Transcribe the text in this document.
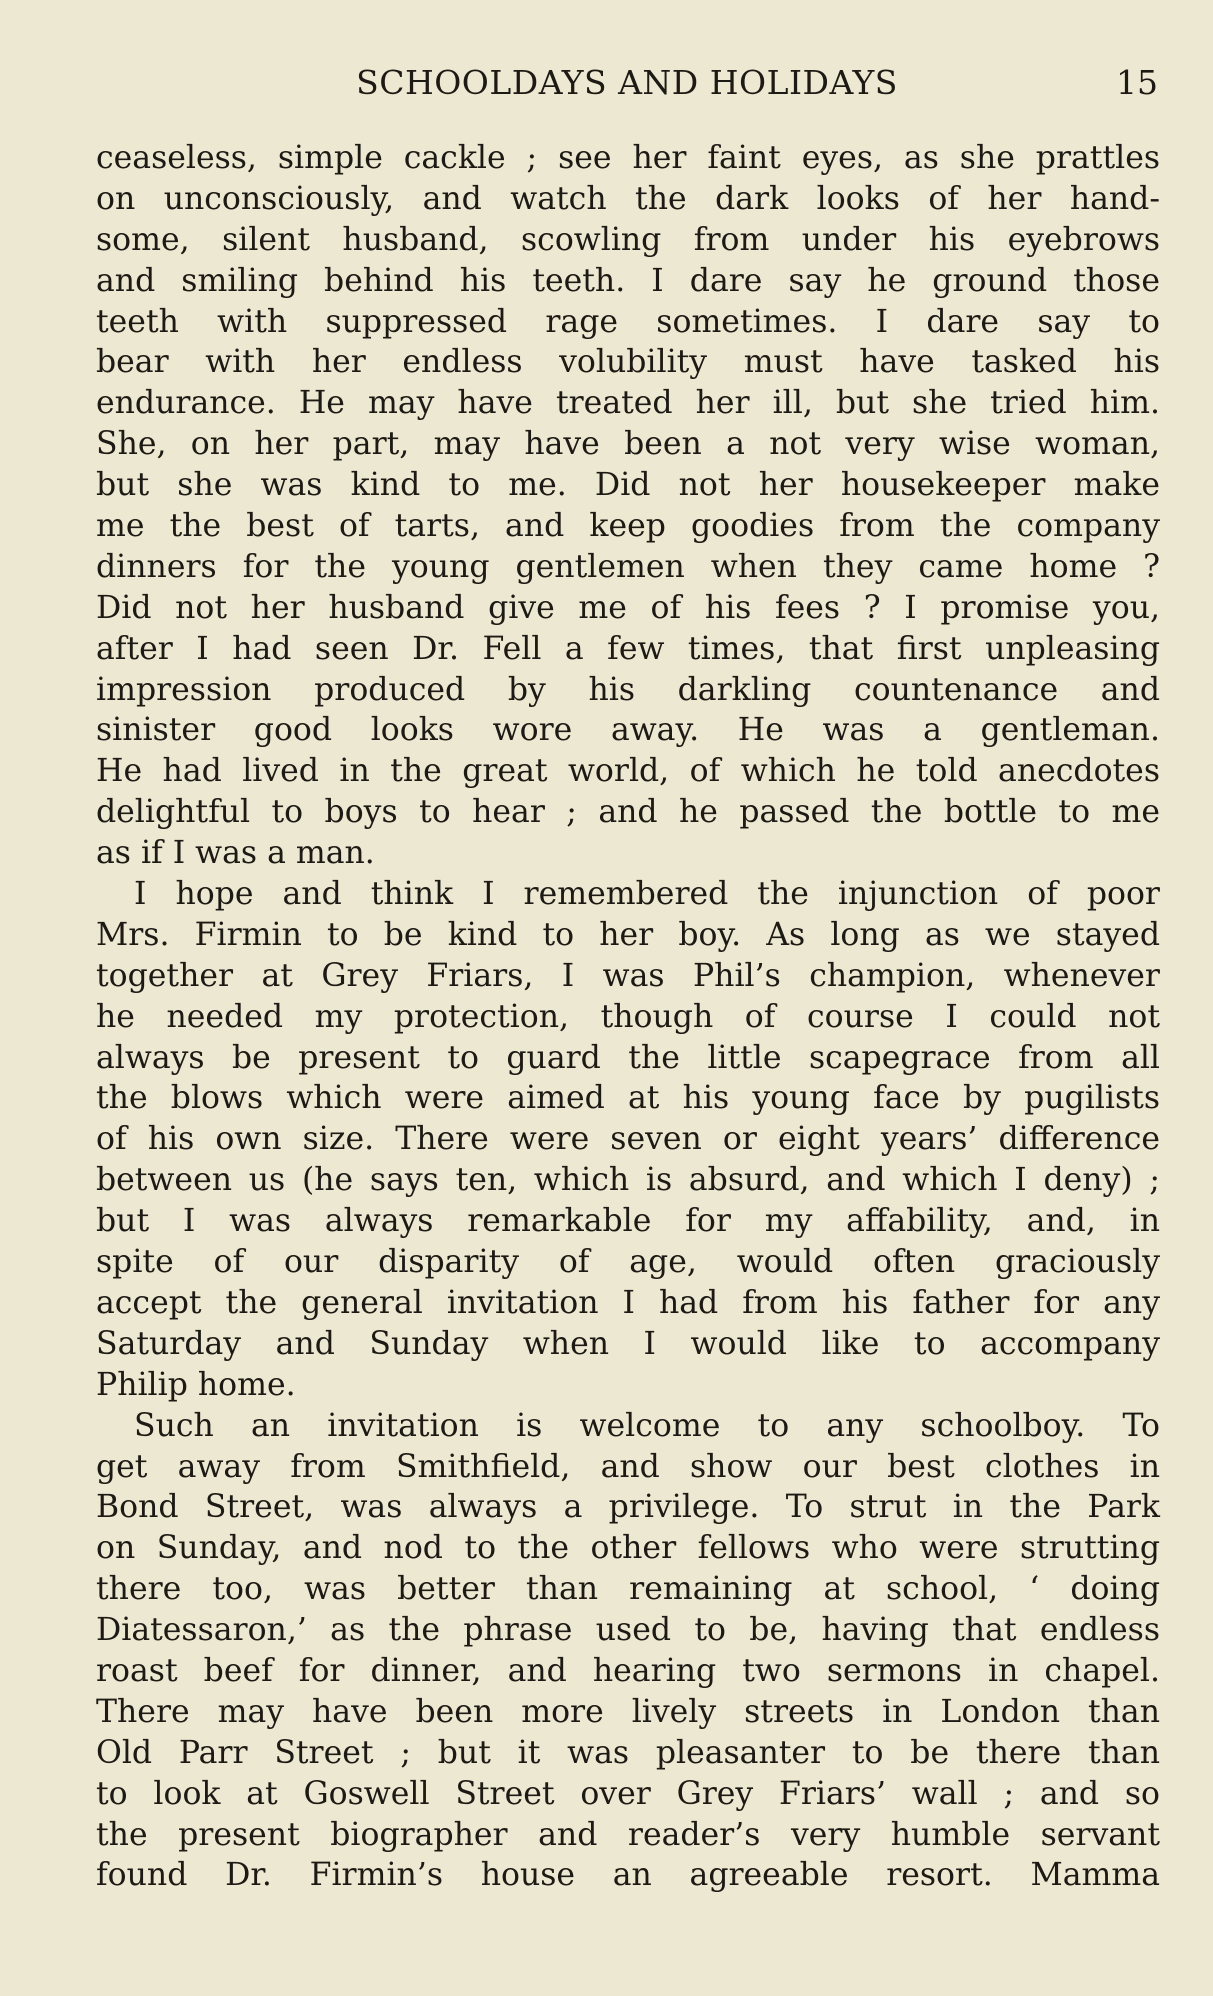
SCHOOLDAYS AND HOLIDAYS	15
ceaseless, simple cackle ; see her faint eyes, as she prattles
on unconsciously, and watch the dark looks of her hand-
some, silent husband, scowling from under his eyebrows
and smiling behind his teeth. I dare say he ground those
teeth with suppressed rage sometimes. I dare say to
bear with her endless volubility must have tasked his
endurance. He may have treated her ill, but she tried him.
She, on her part, may have been a not very wise woman,
but she was kind to me. Did not her housekeeper make
me the best of tarts, and keep goodies from the company
dinners for the young gentlemen when they came home ?
Did not her husband give me of his fees ? I promise you,
after I had seen Dr. Fell a few times, that first unpleasing
impression produced by his darkling countenance and
sinister good looks wore away. He was a gentleman.
He had lived in the great world, of which he told anecdotes
delightful to boys to hear ; and he passed the bottle to me
as if I was a man.
I hope and think I remembered the injunction of poor
Mrs. Firmin to be kind to her boy. As long as we stayed
together at Grey Friars, I was Phil’s champion, whenever
he needed my protection, though of course I could not
always be present to guard the little scapegrace from all
the blows which were aimed at his young face by pugilists
of his own size. There were seven or eight years’ difference
between us (he says ten, which is absurd, and which I deny) ;
but I was always remarkable for my affability, and, in
spite of our disparity of age, would often graciously
accept the general invitation I had from his father for any
Saturday and Sunday when I would like to accompany
Philip home.
Such an invitation is welcome to any schoolboy. To
get away from Smithfield, and show our best clothes in
Bond Street, was always a privilege. To strut in the Park
on Sunday, and nod to the other fellows who were strutting
there too, was better than remaining at school, ‘ doing
Diatessaron,’ as the phrase used to be, having that endless
roast beef for dinner, and hearing two sermons in chapel.
There may have been more lively streets in London than
Old Parr Street ; but it was pleasanter to be there than
to look at Goswell Street over Grey Friars’ wall ; and so
the present biographer and reader’s very humble servant
found Dr. Firmin’s house an agreeable resort. Mamma
